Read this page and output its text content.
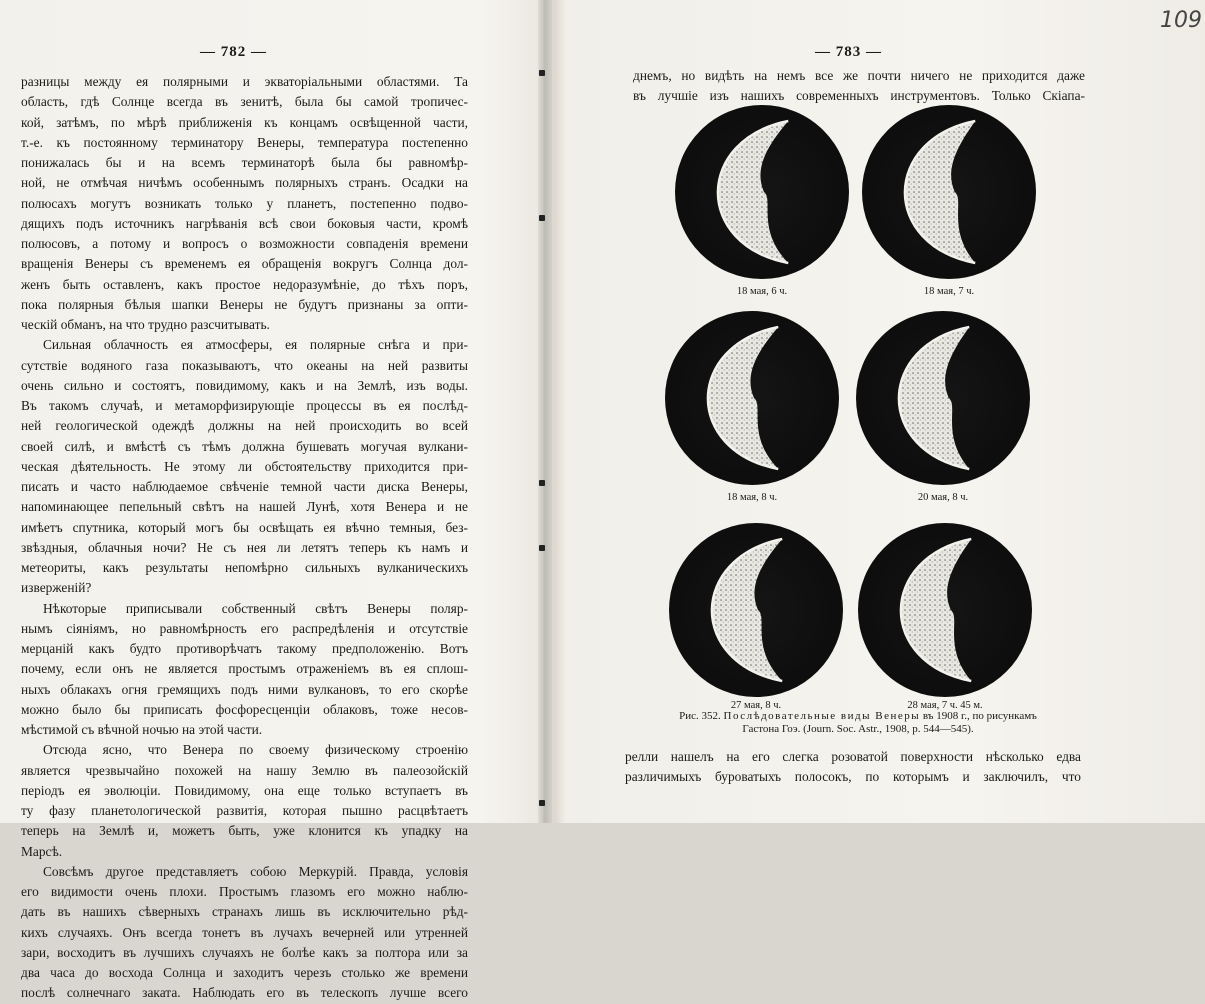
— 782 —

разницы между ея полярными и экваторіальными областями. Та

область, гдѣ Солнце всегда въ зенитѣ, была бы самой тропичес-

кой, затѣмъ, по мѣрѣ приближенія къ концамъ освѣщенной части,

т.-е. къ постоянному терминатору Венеры, температура постепенно

понижалась бы и на всемъ терминаторѣ была бы равномѣр-

ной, не отмѣчая ничѣмъ особеннымъ полярныхъ странъ. Осадки на

полюсахъ могутъ возникать только у планетъ, постепенно подво-

дящихъ подъ источникъ нагрѣванія всѣ свои боковыя части, кромѣ

полюсовъ, а потому и вопросъ о возможности совпаденія времени

вращенія Венеры съ временемъ ея обращенія вокругъ Солнца дол-

женъ быть оставленъ, какъ простое недоразумѣніе, до тѣхъ поръ,

пока полярныя бѣлыя шапки Венеры не будутъ признаны за опти-

ческій обманъ, на что трудно разсчитывать.

Сильная облачность ея атмосферы, ея полярные снѣга и при-

сутствіе водяного газа показываютъ, что океаны на ней развиты

очень сильно и состоятъ, повидимому, какъ и на Землѣ, изъ воды.

Въ такомъ случаѣ, и метаморфизирующіе процессы въ ея послѣд-

ней геологической одеждѣ должны на ней происходить во всей

своей силѣ, и вмѣстѣ съ тѣмъ должна бушевать могучая вулкани-

ческая дѣятельность. Не этому ли обстоятельству приходится при-

писать и часто наблюдаемое свѣченіе темной части диска Венеры,

напоминающее пепельный свѣтъ на нашей Лунѣ, хотя Венера и не

имѣетъ спутника, который могъ бы освѣщать ея вѣчно темныя, без-

звѣздныя, облачныя ночи? Не съ нея ли летятъ теперь къ намъ и

метеориты, какъ результаты непомѣрно сильныхъ вулканическихъ

изверженій?

Нѣкоторые приписывали собственный свѣтъ Венеры поляр-

нымъ сіяніямъ, но равномѣрность его распредѣленія и отсутствіе

мерцаній какъ будто противорѣчатъ такому предположенію. Вотъ

почему, если онъ не является простымъ отраженіемъ въ ея сплош-

ныхъ облакахъ огня гремящихъ подъ ними вулкановъ, то его скорѣе

можно было бы приписать фосфоресценціи облаковъ, тоже несов-

мѣстимой съ вѣчной ночью на этой части.

Отсюда ясно, что Венера по своему физическому строенію

является чрезвычайно похожей на нашу Землю въ палеозойскій

періодъ ея эволюціи. Повидимому, она еще только вступаетъ въ

ту фазу планетологической развитія, которая пышно расцвѣтаетъ

теперь на Землѣ и, можетъ быть, уже клонится къ упадку на

Марсѣ.

Совсѣмъ другое представляетъ собою Меркурій. Правда, условія

его видимости очень плохи. Простымъ глазомъ его можно наблю-

дать въ нашихъ сѣверныхъ странахъ лишь въ исключительно рѣд-

кихъ случаяхъ. Онъ всегда тонетъ въ лучахъ вечерней или утренней

зари, восходитъ въ лучшихъ случаяхъ не болѣе какъ за полтора или за

два часа до восхода Солнца и заходитъ черезъ столько же времени

послѣ солнечнаго заката. Наблюдать его въ телескопъ лучше всего

— 783 —
109

днемъ, но видѣть на немъ все же почти ничего не приходится даже

въ лучшіе изъ нашихъ современныхъ инструментовъ. Только Скіапа-

18 мая, 6 ч.	18 мая, 7 ч.
18 мая, 8 ч.	20 мая, 8 ч.
27 мая, 8 ч.	28 мая, 7 ч. 45 м.
Рис. 352. Послѣдовательные виды Венеры въ 1908 г., по рисункамъ
Гастона Гоэ. (Journ. Soc. Astr., 1908, p. 544—545).

релли нашелъ на его слегка розоватой поверхности нѣсколько едва

различимыхъ буроватыхъ полосокъ, по которымъ и заключилъ, что
